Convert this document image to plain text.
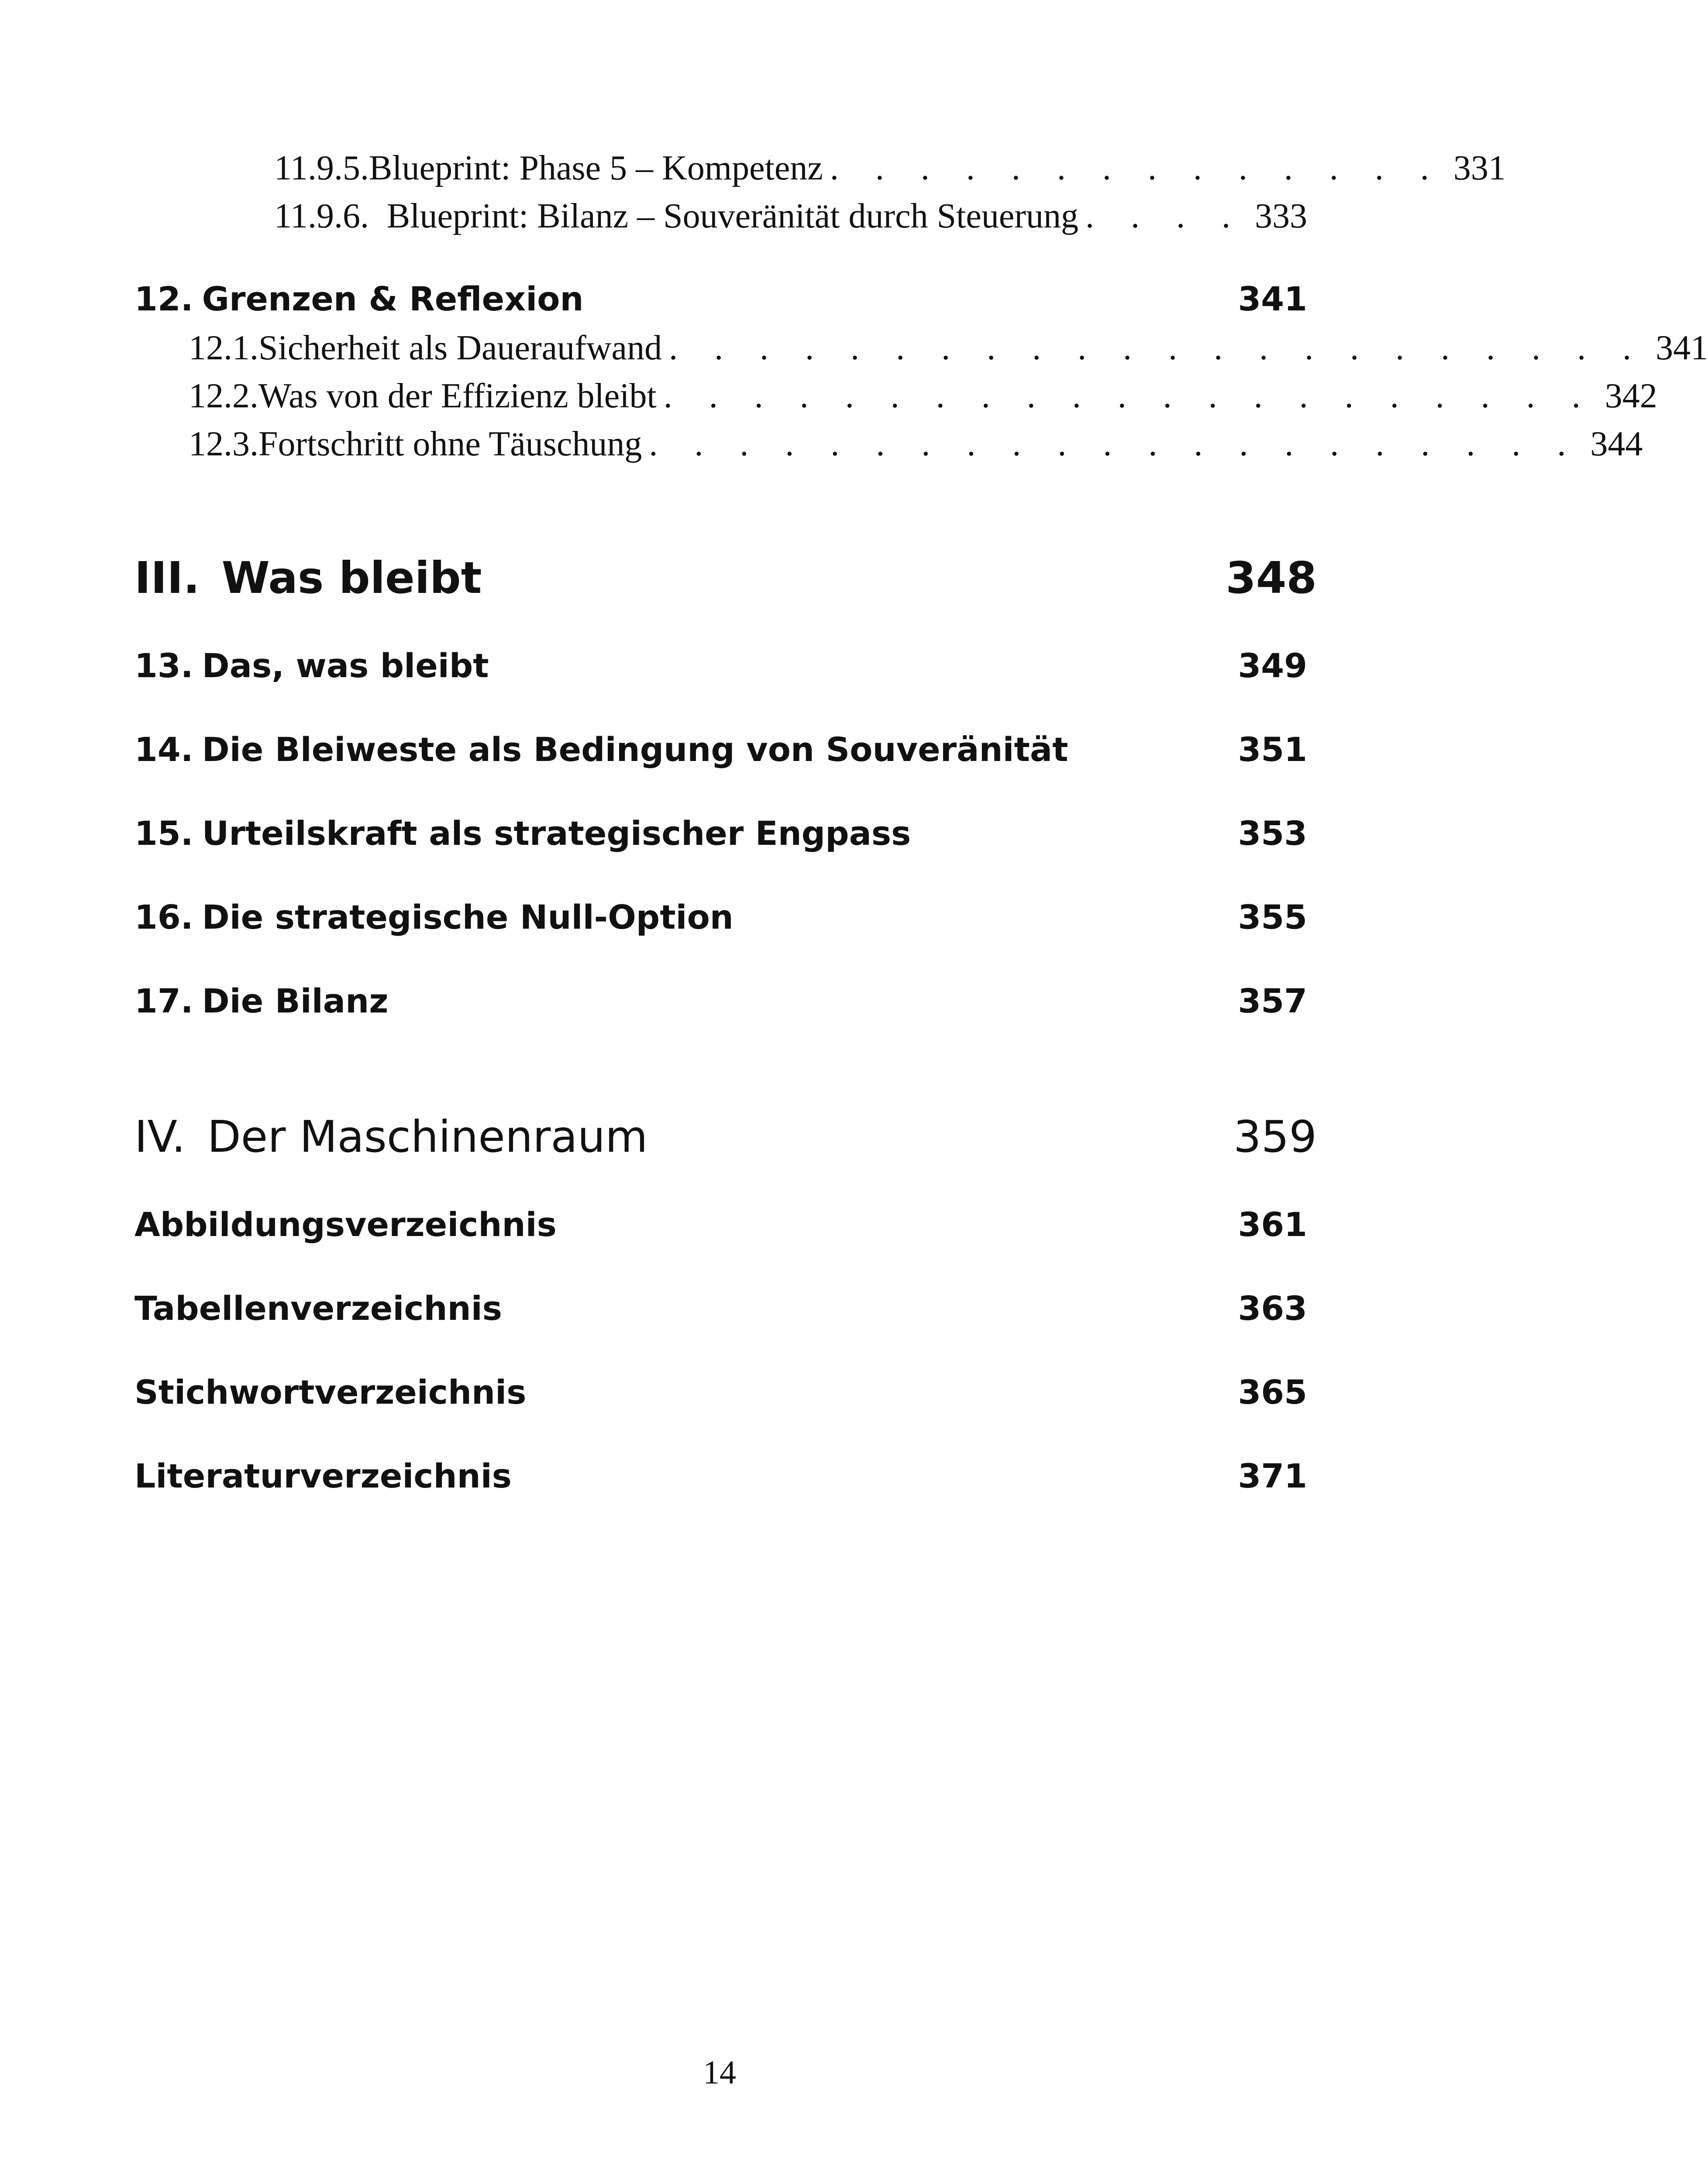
11.9.5. Blueprint: Phase 5 – Kompetenz . . . . . . . . . . . . . . 331
11.9.6. Blueprint: Bilanz – Souveränität durch Steuerung . . . . 333
12. Grenzen & Reflexion	341
12.1. Sicherheit als Daueraufwand . . . . . . . . . . . . . . . . . . . . . . 341
12.2. Was von der Effizienz bleibt . . . . . . . . . . . . . . . . . . . . . 342
12.3. Fortschritt ohne Täuschung . . . . . . . . . . . . . . . . . . . . . 344
III. Was bleibt	348
13. Das, was bleibt	349
14. Die Bleiweste als Bedingung von Souveränität	351
15. Urteilskraft als strategischer Engpass	353
16. Die strategische Null-Option	355
17. Die Bilanz	357
IV. Der Maschinenraum	359
Abbildungsverzeichnis	361
Tabellenverzeichnis	363
Stichwortverzeichnis	365
Literaturverzeichnis	371
14
